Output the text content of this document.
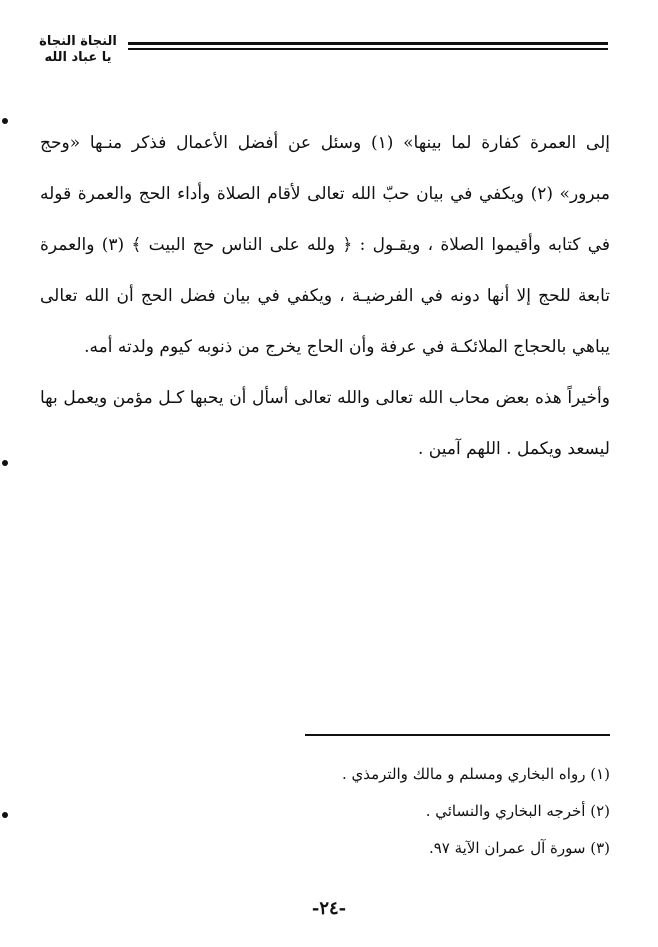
النجاة النجاة
يا عباد الله

إلى العمرة كفارة لما بينها» (١) وسئل عن أفضل الأعمال فذكر منـها «وحج مبرور» (٢) ويكفي في بيان حبّ الله تعالى لأقام الصلاة وأداء الحج والعمرة قوله في كتابه وأقيموا الصلاة ، ويقـول : ﴿ ولله على الناس حج البيت ﴾ (٣) والعمرة تابعة للحج إلا أنها دونه في الفرضيـة ، ويكفي في بيان فضل الحج أن الله تعالى يباهي بالحجاج الملائكـة في عرفة وأن الحاج يخرج من ذنوبه كيوم ولدته أمه.

وأخيراً هذه بعض محاب الله تعالى والله تعالى أسأل أن يحبها كـل مؤمن ويعمل بها ليسعد ويكمل . اللهم آمين .

(١) رواه البخاري ومسلم و مالك والترمذي .
(٢) أخرجه البخاري والنسائي .
(٣) سورة آل عمران الآية ٩٧.
-٢٤-
